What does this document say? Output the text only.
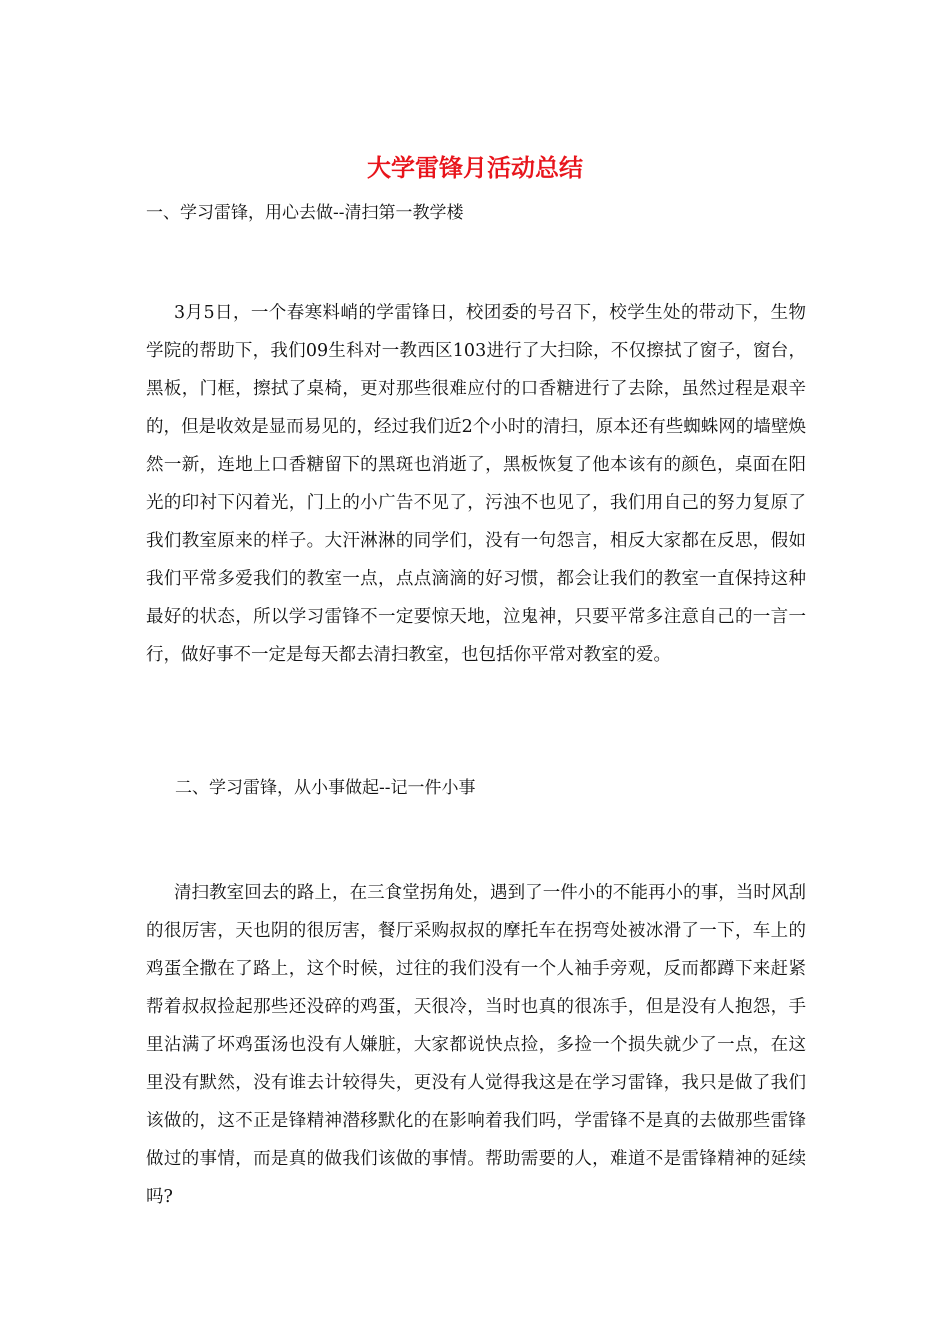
大学雷锋月活动总结
一、学习雷锋，用心去做--清扫第一教学楼
3月5日，一个春寒料峭的学雷锋日，校团委的号召下，校学生处的带动下，生物学院的帮助下，我们09生科对一教西区103进行了大扫除，不仅擦拭了窗子，窗台，黑板，门框，擦拭了桌椅，更对那些很难应付的口香糖进行了去除，虽然过程是艰辛的，但是收效是显而易见的，经过我们近2个小时的清扫，原本还有些蜘蛛网的墙壁焕然一新，连地上口香糖留下的黑斑也消逝了，黑板恢复了他本该有的颜色，桌面在阳光的印衬下闪着光，门上的小广告不见了，污浊不也见了，我们用自己的努力复原了我们教室原来的样子。大汗淋淋的同学们，没有一句怨言，相反大家都在反思，假如我们平常多爱我们的教室一点，点点滴滴的好习惯，都会让我们的教室一直保持这种最好的状态，所以学习雷锋不一定要惊天地，泣鬼神，只要平常多注意自己的一言一行，做好事不一定是每天都去清扫教室，也包括你平常对教室的爱。
二、学习雷锋，从小事做起--记一件小事
清扫教室回去的路上，在三食堂拐角处，遇到了一件小的不能再小的事，当时风刮的很厉害，天也阴的很厉害，餐厅采购叔叔的摩托车在拐弯处被冰滑了一下，车上的鸡蛋全撒在了路上，这个时候，过往的我们没有一个人袖手旁观，反而都蹲下来赶紧帮着叔叔捡起那些还没碎的鸡蛋，天很冷，当时也真的很冻手，但是没有人抱怨，手里沾满了坏鸡蛋汤也没有人嫌脏，大家都说快点捡，多捡一个损失就少了一点，在这里没有默然，没有谁去计较得失，更没有人觉得我这是在学习雷锋，我只是做了我们该做的，这不正是锋精神潜移默化的在影响着我们吗，学雷锋不是真的去做那些雷锋做过的事情，而是真的做我们该做的事情。帮助需要的人，难道不是雷锋精神的延续吗?
